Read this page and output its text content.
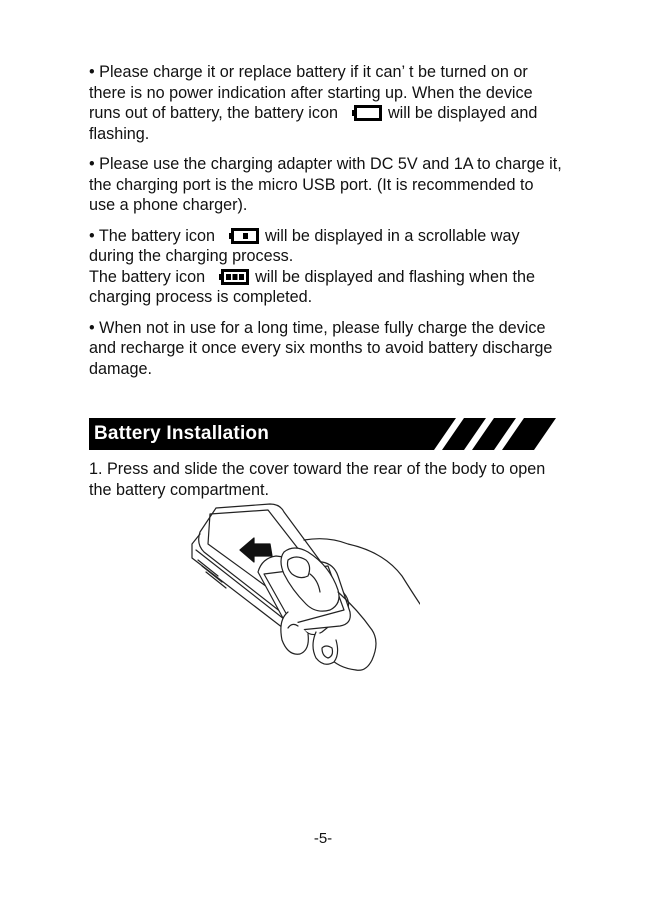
• Please charge it or replace battery if it can’ t be turned on or there is no power indication after starting up. When the device runs out of battery, the battery icon	will be displayed and flashing.

• Please use the charging adapter with DC 5V and 1A to charge it, the charging port is the micro USB port. (It is recommended to use a phone charger).

• The battery icon	will be displayed in a scrollable way during the charging process.
The battery icon	will be displayed and flashing when the charging process is completed.

• When not in use for a long time, please fully charge the device and recharge it once every six months to avoid battery discharge damage.

Battery Installation

1. Press and slide the cover toward the rear of the body to open the battery compartment.

-5-
